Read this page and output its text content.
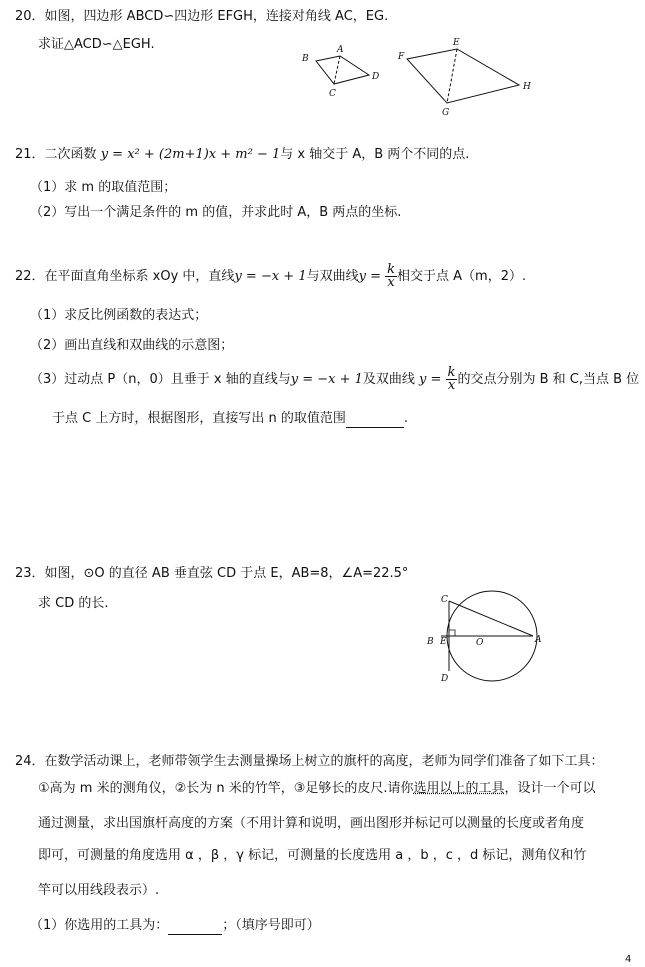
20．如图，四边形 ABCD∽四边形 EFGH，连接对角线 AC，EG.
求证△ACD∽△EGH.	A
B
C
D
E
F
G
H
21．二次函数 y = x² + (2m+1)x + m² − 1与 x 轴交于 A，B 两个不同的点.
（1）求 m 的取值范围；
（2）写出一个满足条件的 m 的值，并求此时 A，B 两点的坐标.
22．在平面直角坐标系 xOy 中，直线y = −x + 1与双曲线$y = \frac{k}{x}$ 相交于点 A（m，2）.
（1）求反比例函数的表达式；
（2）画出直线和双曲线的示意图；
（3）过动点 P（n，0）且垂于 x 轴的直线与y = −x + 1及双曲线 $y = \frac{k}{x}$ 的交点分别为 B 和 C,当点 B 位
于点 C 上方时，根据图形，直接写出 n 的取值范围	.
23．如图，⊙O 的直径 AB 垂直弦 CD 于点 E，AB=8，∠A=22.5°
求 CD 的长.	C
B E	O	A
D
24．在数学活动课上，老师带领学生去测量操场上树立的旗杆的高度，老师为同学们准备了如下工具：
①高为 m 米的测角仪，②长为 n 米的竹竿，③足够长的皮尺.请你选用以上的工具，设计一个可以
通过测量，求出国旗杆高度的方案（不用计算和说明，画出图形并标记可以测量的长度或者角度
即可，可测量的角度选用 α ，β ，γ 标记，可测量的长度选用 a ，b ，c ，d 标记，测角仪和竹
竿可以用线段表示）.
（1）你选用的工具为：	；（填序号即可）
4
